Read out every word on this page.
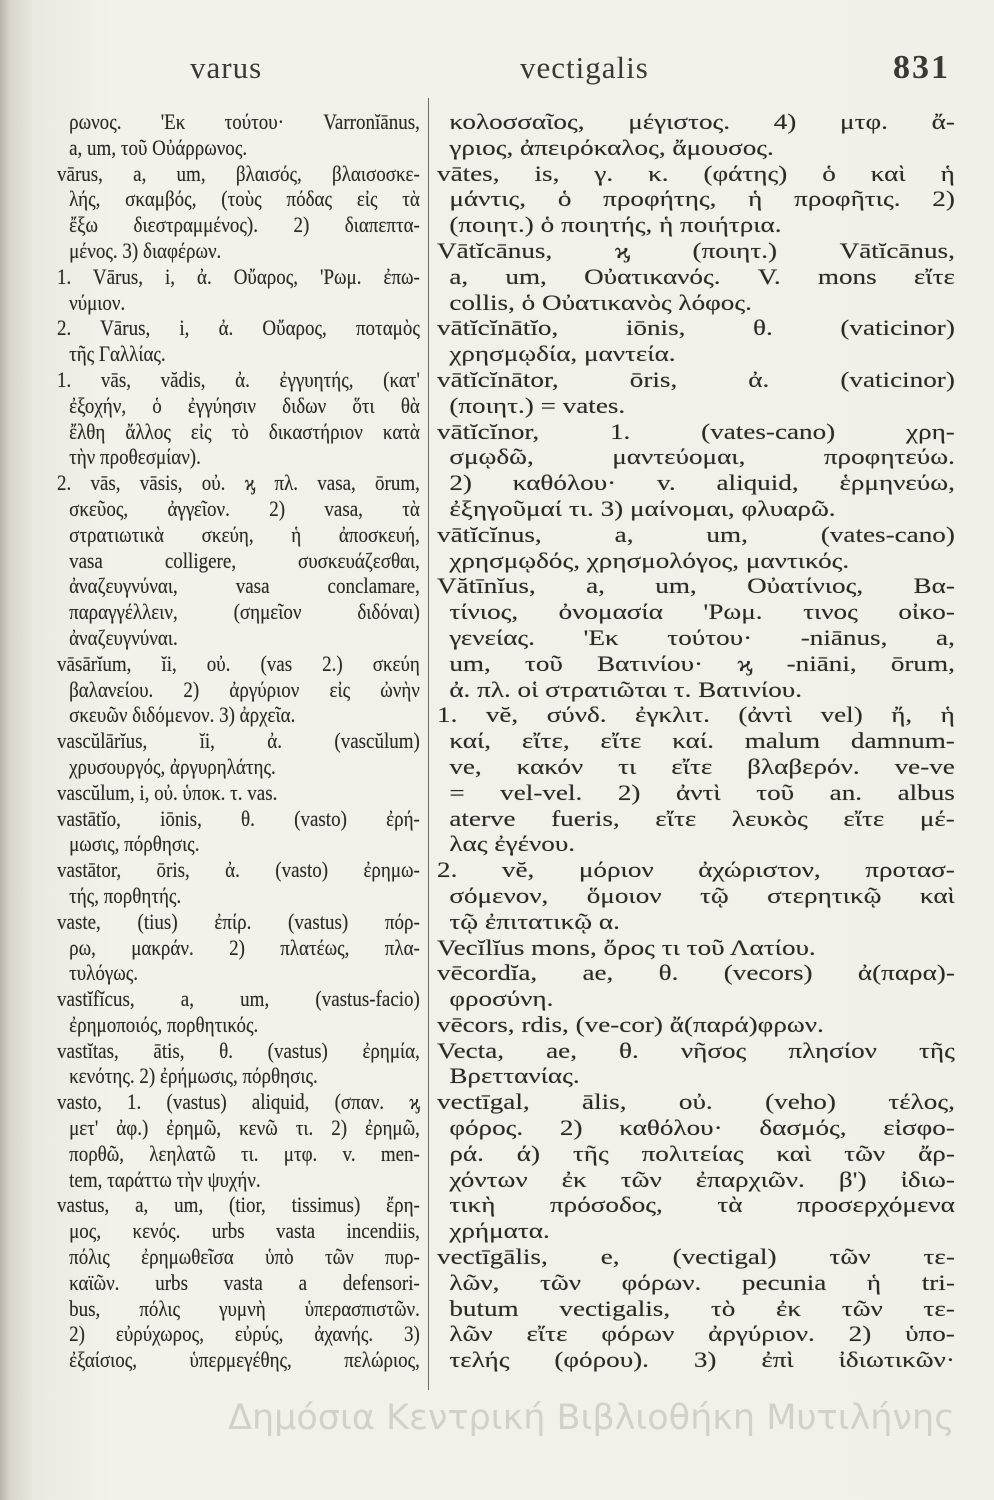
varus	vectigalis	831
ρωνος. 'Εκ τούτου· Varronĭānus,
a, um, τοῦ Οὐάρρωνος.
vārus, a, um, βλαισός, βλαισοσκε-
λής, σκαμβός, (τοὺς πόδας εἰς τὰ
ἔξω διεστραμμένος). 2) διαπεπτα-
μένος. 3) διαφέρων.
1. Vārus, i, ἀ. Οὔαρος, 'Ρωμ. ἐπω-
νύμιον.
2. Vārus, i, ἀ. Οὔαρος, ποταμὸς
τῆς Γαλλίας.
1. vās, vădis, ἀ. ἐγγυητής, (κατ'
ἐξοχήν, ὁ ἐγγύησιν διδων ὅτι θὰ
ἔλθη ἄλλος εἰς τὸ δικαστήριον κατὰ
τὴν προθεσμίαν).
2. vās, vāsis, οὐ. ϗ πλ. vasa, ōrum,
σκεῦος, ἀγγεῖον. 2) vasa, τὰ
στρατιωτικὰ σκεύη, ἡ ἀποσκευή,
vasa colligere, συσκευάζεσθαι,
ἀναζευγνύναι, vasa conclamare,
παραγγέλλειν, (σημεῖον διδόναι)
ἀναζευγνύναι.
vāsārĭum, ĭi, οὐ. (vas 2.) σκεύη
βαλανείου. 2) ἀργύριον εἰς ὠνὴν
σκευῶν διδόμενον. 3) ἀρχεῖα.
vascŭlārĭus, ĭi, ἀ. (vascŭlum)
χρυσουργός, ἀργυρηλάτης.
vascŭlum, i, οὐ. ὑποκ. τ. vas.
vastātĭo, iōnis, θ. (vasto) ἐρή-
μωσις, πόρθησις.
vastātor, ōris, ἀ. (vasto) ἐρημω-
τής, πορθητής.
vaste, (tius) ἐπίρ. (vastus) πόρ-
ρω, μακράν. 2) πλατέως, πλα-
τυλόγως.
vastĭfĭcus, a, um, (vastus-facio)
ἐρημοποιός, πορθητικός.
vastĭtas, ātis, θ. (vastus) ἐρημία,
κενότης. 2) ἐρήμωσις, πόρθησις.
vasto, 1. (vastus) aliquid, (σπαν. ϗ
μετ' ἀφ.) ἐρημῶ, κενῶ τι. 2) ἐρημῶ,
πορθῶ, λεηλατῶ τι. μτφ. v. men-
tem, ταράττω τὴν ψυχήν.
vastus, a, um, (tior, tissimus) ἔρη-
μος, κενός. urbs vasta incendiis,
πόλις ἐρημωθεῖσα ὑπὸ τῶν πυρ-
καϊῶν. urbs vasta a defensori-
bus, πόλις γυμνὴ ὑπερασπιστῶν.
2) εὐρύχωρος, εὐρύς, ἀχανής. 3)
ἐξαίσιος, ὑπερμεγέθης, πελώριος,
κολοσσαῖος, μέγιστος. 4) μτφ. ἄ-
γριος, ἀπειρόκαλος, ἄμουσος.
vātes, is, γ. κ. (φάτης) ὁ καὶ ἡ
μάντις, ὁ προφήτης, ἡ προφῆτις. 2)
(ποιητ.) ὁ ποιητής, ἡ ποιήτρια.
Vātĭcānus, ϗ (ποιητ.) Vātĭcānus,
a, um, Οὐατικανός. V. mons εἴτε
collis, ὁ Οὐατικανὸς λόφος.
vātĭcĭnātĭo, iōnis, θ. (vaticinor)
χρησμῳδία, μαντεία.
vātĭcĭnātor, ōris, ἀ. (vaticinor)
(ποιητ.) = vates.
vātĭcĭnor, 1. (vates-cano) χρη-
σμῳδῶ, μαντεύομαι, προφητεύω.
2) καθόλου· v. aliquid, ἑρμηνεύω,
ἐξηγοῦμαί τι. 3) μαίνομαι, φλυαρῶ.
vātĭcĭnus, a, um, (vates-cano)
χρησμῳδός, χρησμολόγος, μαντικός.
Vătīnĭus, a, um, Οὐατίνιος, Βα-
τίνιος, ὀνομασία 'Ρωμ. τινος οἰκο-
γενείας. 'Εκ τούτου· -niānus, a,
um, τοῦ Βατινίου· ϗ -niāni, ōrum,
ἀ. πλ. οἱ στρατιῶται τ. Βατινίου.
1. vĕ, σύνδ. ἐγκλιτ. (ἀντὶ vel) ἤ, ἡ
καί, εἴτε, εἴτε καί. malum damnum-
ve, κακόν τι εἴτε βλαβερόν. ve-ve
= vel-vel. 2) ἀντὶ τοῦ an. albus
aterve fueris, εἴτε λευκὸς εἴτε μέ-
λας ἐγένου.
2. vĕ, μόριον ἀχώριστον, προτασ-
σόμενον, ὅμοιον τῷ στερητικῷ καὶ
τῷ ἐπιτατικῷ α.
Vecĭlĭus mons, ὄρος τι τοῦ Λατίου.
vēcordĭa, ae, θ. (vecors) ἀ(παρα)-
φροσύνη.
vēcors, rdis, (ve-cor) ἄ(παρά)φρων.
Vecta, ae, θ. νῆσος πλησίον τῆς
Βρεττανίας.
vectīgal, ālis, οὐ. (veho) τέλος,
φόρος. 2) καθόλου· δασμός, εἰσφο-
ρά. ά) τῆς πολιτείας καὶ τῶν ἄρ-
χόντων ἐκ τῶν ἐπαρχιῶν. β') ἰδιω-
τικὴ πρόσοδος, τὰ προσερχόμενα
χρήματα.
vectīgālis, e, (vectigal) τῶν τε-
λῶν, τῶν φόρων. pecunia ἡ tri-
butum vectigalis, τὸ ἐκ τῶν τε-
λῶν εἴτε φόρων ἀργύριον. 2) ὑπο-
τελής (φόρου). 3) ἐπὶ ἰδιωτικῶν·
Δημόσια Κεντρική Βιβλιοθήκη Μυτιλήνης
